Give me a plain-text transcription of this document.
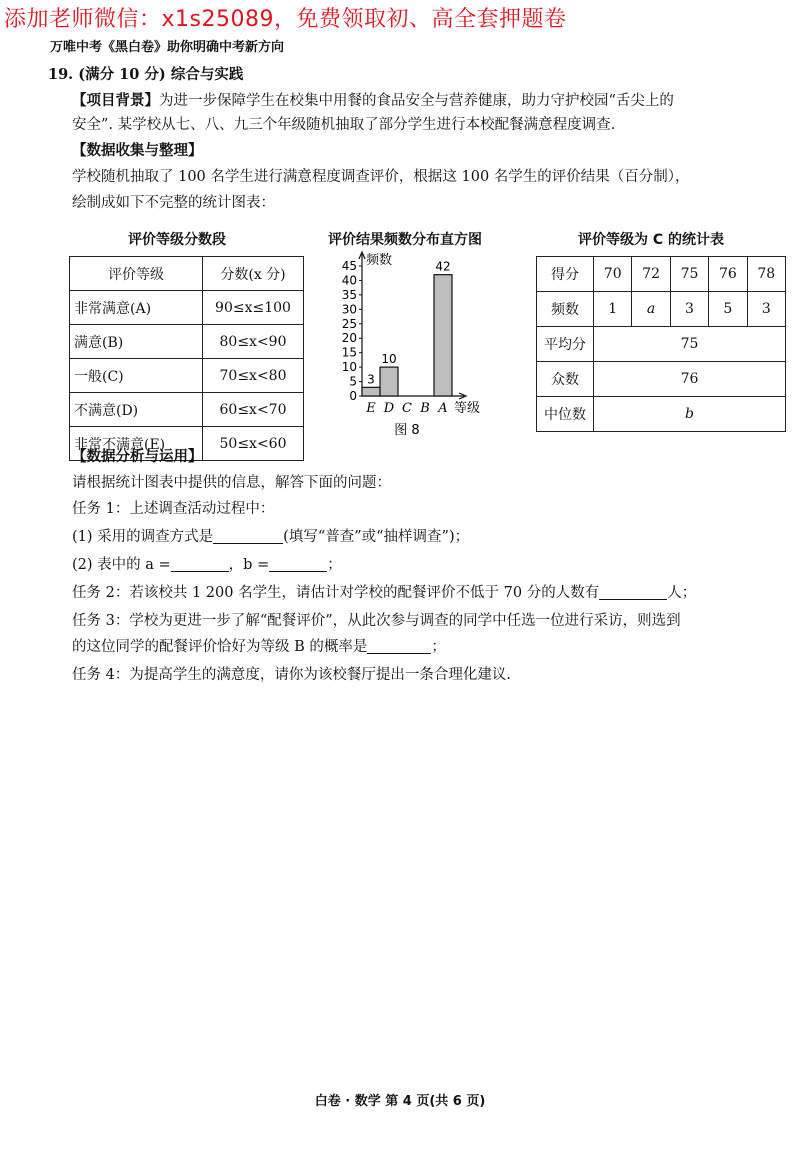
添加老师微信：x1s25089，免费领取初、高全套押题卷
万唯中考《黑白卷》助你明确中考新方向
19. (满分 10 分) 综合与实践
【项目背景】为进一步保障学生在校集中用餐的食品安全与营养健康，助力守护校园“舌尖上的
安全”. 某学校从七、八、九三个年级随机抽取了部分学生进行本校配餐满意程度调查.
【数据收集与整理】
学校随机抽取了 100 名学生进行满意程度调查评价，根据这 100 名学生的评价结果（百分制），
绘制成如下不完整的统计图表：
评价等级分数段
评价等级	分数(x 分)
非常满意(A)	90≤x≤100
满意(B)	80≤x<90
一般(C)	70≤x<80
不满意(D)	60≤x<70
非常不满意(E)	50≤x<60
评价结果频数分布直方图
0
5
10
15
20
25
30
35
40
45 频数
3
E
10
D C B
42
A 等级
图 8
评价等级为 C 的统计表
得分	70	72	75	76	78
频数	1	a	3	5	3
平均分	75				
众数	76				
中位数	b				
【数据分析与运用】
请根据统计图表中提供的信息，解答下面的问题：
任务 1：上述调查活动过程中：
(1) 采用的调查方式是	(填写“普查”或“抽样调查”)；
(2) 表中的 a =	，b =	；
任务 2：若该校共 1 200 名学生，请估计对学校的配餐评价不低于 70 分的人数有	人；
任务 3：学校为更进一步了解“配餐评价”，从此次参与调查的同学中任选一位进行采访，则选到
的这位同学的配餐评价恰好为等级 B 的概率是	；
任务 4：为提高学生的满意度，请你为该校餐厅提出一条合理化建议.
白卷 · 数学 第 4 页(共 6 页)
